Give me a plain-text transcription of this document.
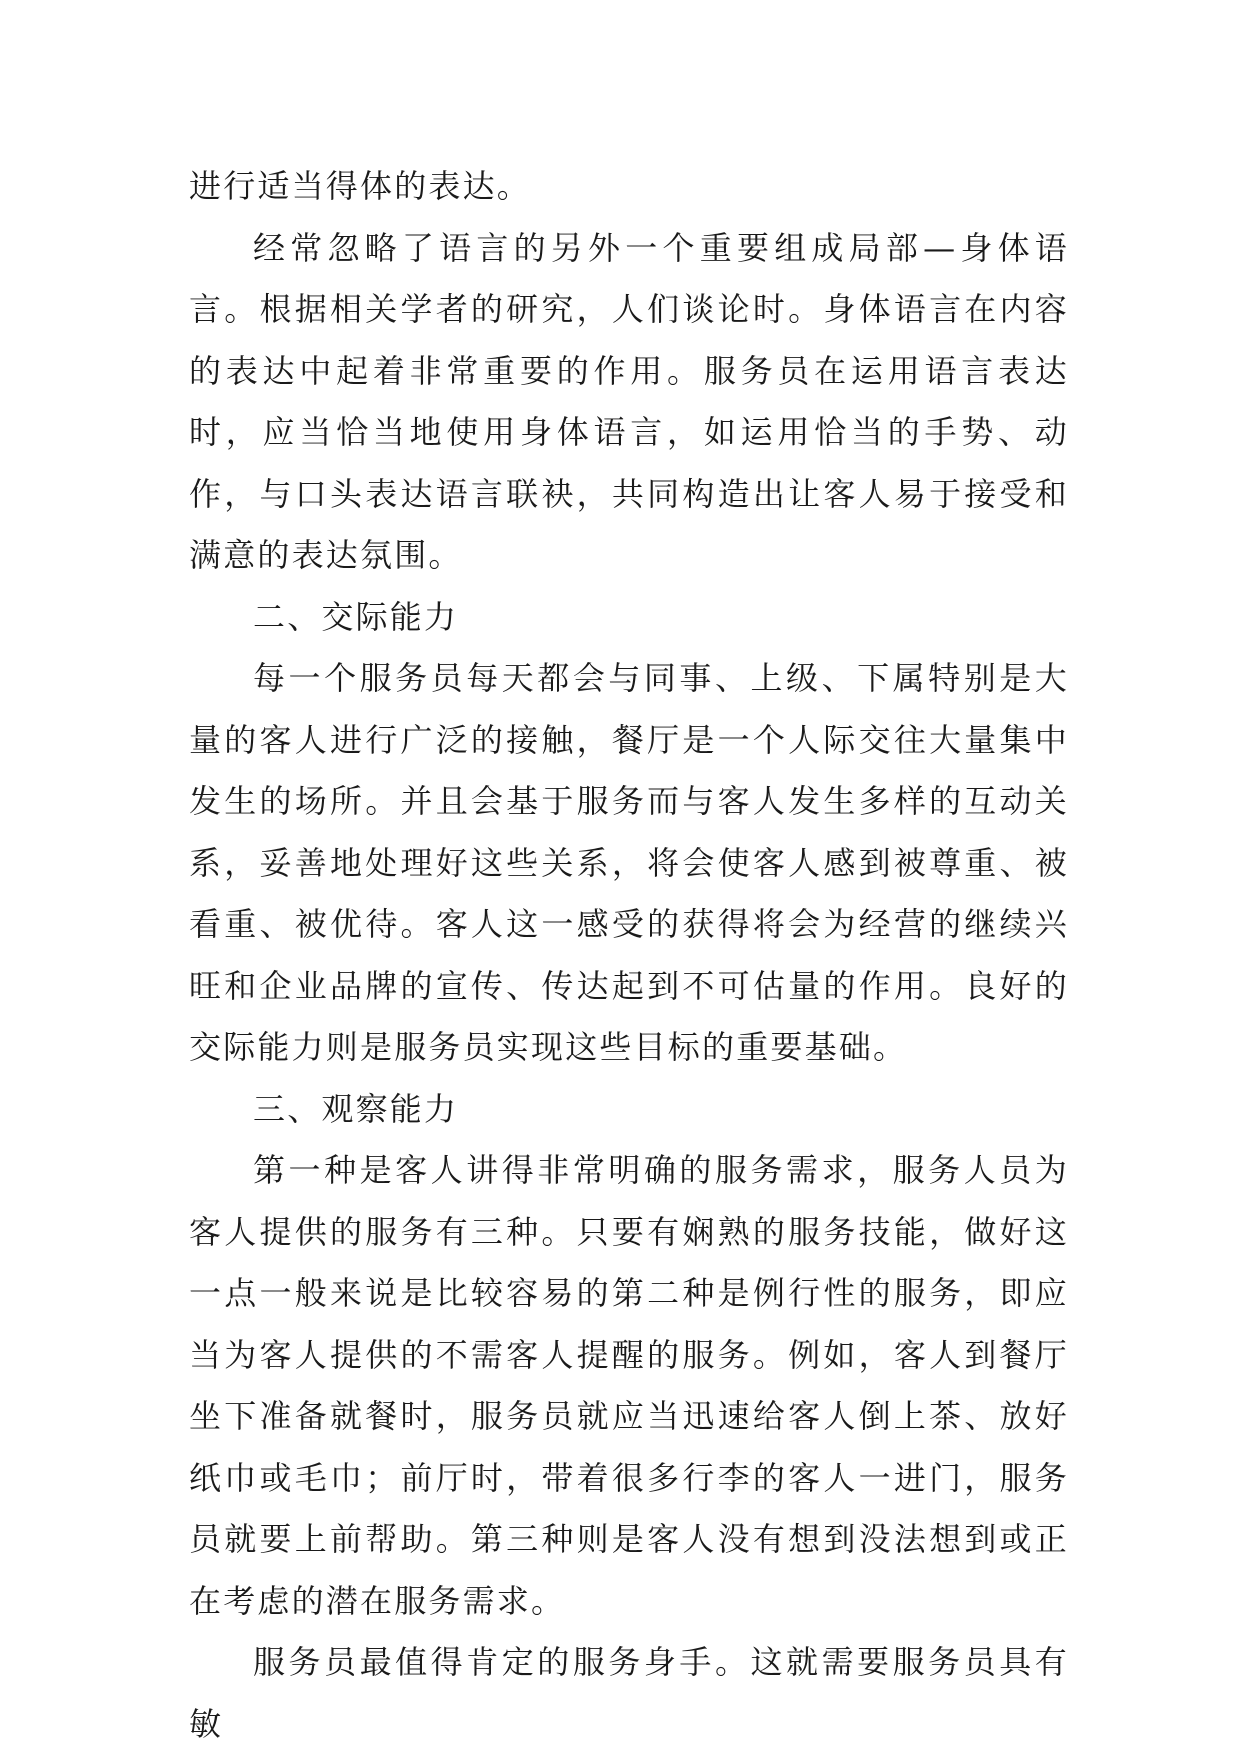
进行适当得体的表达。

经常忽略了语言的另外一个重要组成局部—身体语言。根据相关学者的研究，人们谈论时。身体语言在内容的表达中起着非常重要的作用。服务员在运用语言表达时，应当恰当地使用身体语言，如运用恰当的手势、动作，与口头表达语言联袂，共同构造出让客人易于接受和满意的表达氛围。

二、交际能力

每一个服务员每天都会与同事、上级、下属特别是大量的客人进行广泛的接触，餐厅是一个人际交往大量集中发生的场所。并且会基于服务而与客人发生多样的互动关系，妥善地处理好这些关系，将会使客人感到被尊重、被看重、被优待。客人这一感受的获得将会为经营的继续兴旺和企业品牌的宣传、传达起到不可估量的作用。良好的交际能力则是服务员实现这些目标的重要基础。

三、观察能力

第一种是客人讲得非常明确的服务需求，服务人员为客人提供的服务有三种。只要有娴熟的服务技能，做好这一点一般来说是比较容易的第二种是例行性的服务，即应当为客人提供的不需客人提醒的服务。例如，客人到餐厅坐下准备就餐时，服务员就应当迅速给客人倒上茶、放好纸巾或毛巾；前厅时，带着很多行李的客人一进门，服务员就要上前帮助。第三种则是客人没有想到没法想到或正在考虑的潜在服务需求。

服务员最值得肯定的服务身手。这就需要服务员具有敏
